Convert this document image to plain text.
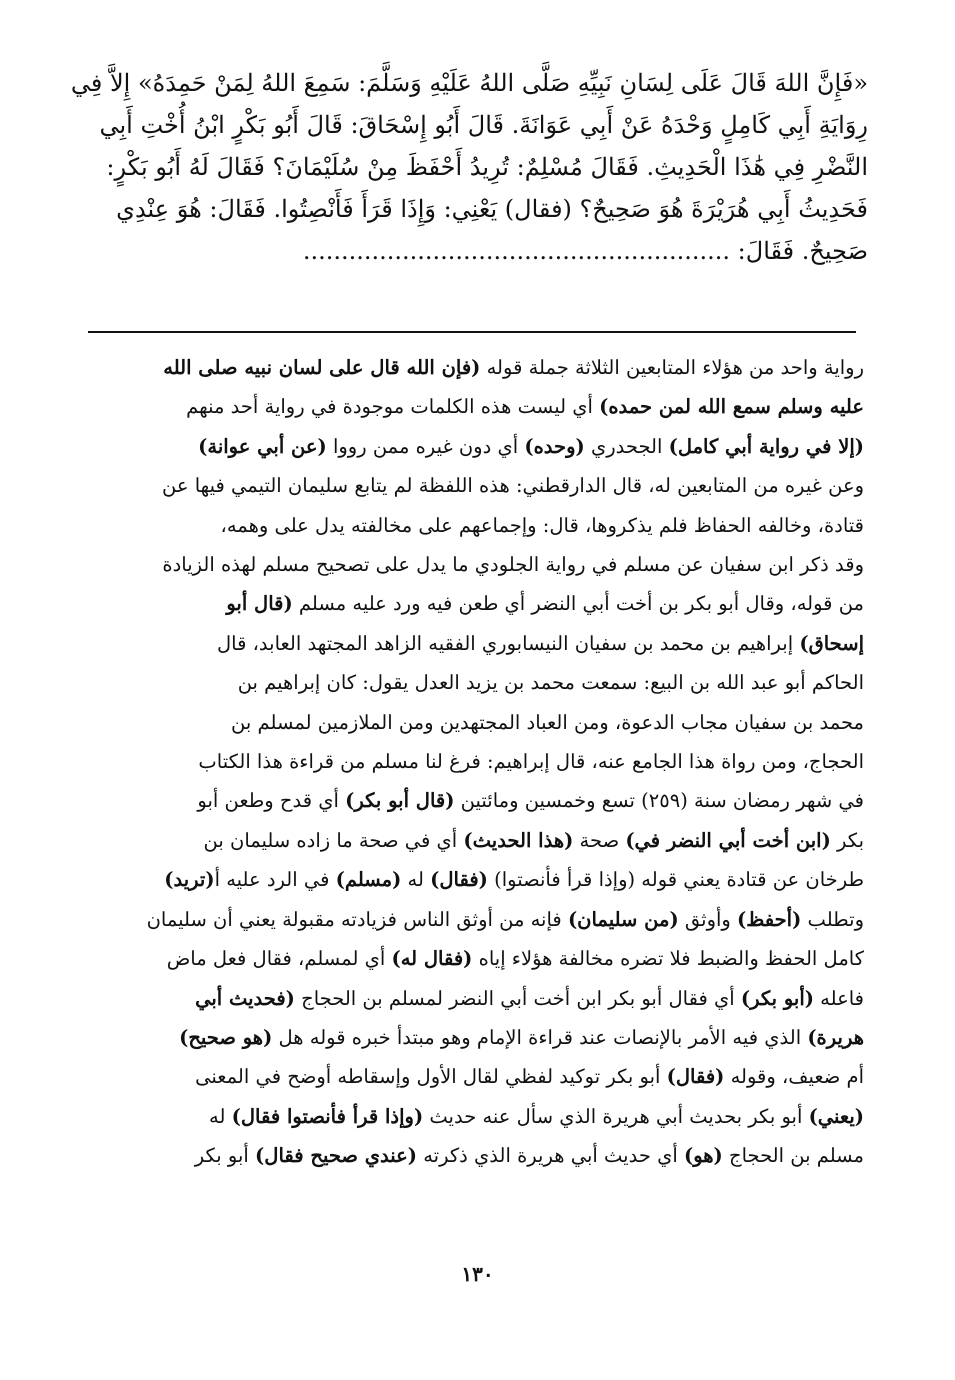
«فَإِنَّ اللهَ قَالَ عَلَى لِسَانِ نَبِيِّهِ صَلَّى اللهُ عَلَيْهِ وَسَلَّمَ: سَمِعَ اللهُ لِمَنْ حَمِدَهُ» إِلاَّ فِي
رِوَايَةِ أَبِي كَامِلٍ وَحْدَهُ عَنْ أَبِي عَوَانَةَ. قَالَ أَبُو إِسْحَاقَ: قَالَ أَبُو بَكْرٍ ابْنُ أُخْتِ أَبِي
النَّضْرِ فِي هَٰذَا الْحَدِيثِ. فَقَالَ مُسْلِمٌ: تُرِيدُ أَحْفَظَ مِنْ سُلَيْمَانَ؟ فَقَالَ لَهُ أَبُو بَكْرٍ:
فَحَدِيثُ أَبِي هُرَيْرَةَ هُوَ صَحِيحٌ؟ (فقال) يَعْنِي: وَإِذَا قَرَأَ فَأَنْصِتُوا. فَقَالَ: هُوَ عِنْدِي
صَحِيحٌ. فَقَالَ: ........................................................
رواية واحد من هؤلاء المتابعين الثلاثة جملة قوله (فإن الله قال على لسان نبيه صلى الله
عليه وسلم سمع الله لمن حمده) أي ليست هذه الكلمات موجودة في رواية أحد منهم
(إلا في رواية أبي كامل) الجحدري (وحده) أي دون غيره ممن رووا (عن أبي عوانة)
وعن غيره من المتابعين له، قال الدارقطني: هذه اللفظة لم يتابع سليمان التيمي فيها عن
قتادة، وخالفه الحفاظ فلم يذكروها، قال: وإجماعهم على مخالفته يدل على وهمه،
وقد ذكر ابن سفيان عن مسلم في رواية الجلودي ما يدل على تصحيح مسلم لهذه الزيادة
من قوله، وقال أبو بكر بن أخت أبي النضر أي طعن فيه ورد عليه مسلم (قال أبو
إسحاق) إبراهيم بن محمد بن سفيان النيسابوري الفقيه الزاهد المجتهد العابد، قال
الحاكم أبو عبد الله بن البيع: سمعت محمد بن يزيد العدل يقول: كان إبراهيم بن
محمد بن سفيان مجاب الدعوة، ومن العباد المجتهدين ومن الملازمين لمسلم بن
الحجاج، ومن رواة هذا الجامع عنه، قال إبراهيم: فرغ لنا مسلم من قراءة هذا الكتاب
في شهر رمضان سنة (٢٥٩) تسع وخمسين ومائتين (قال أبو بكر) أي قدح وطعن أبو
بكر (ابن أخت أبي النضر في) صحة (هذا الحديث) أي في صحة ما زاده سليمان بن
طرخان عن قتادة يعني قوله (وإذا قرأ فأنصتوا) (فقال) له (مسلم) في الرد عليه أ(تريد)
وتطلب (أحفظ) وأوثق (من سليمان) فإنه من أوثق الناس فزيادته مقبولة يعني أن سليمان
كامل الحفظ والضبط فلا تضره مخالفة هؤلاء إياه (فقال له) أي لمسلم، فقال فعل ماض
فاعله (أبو بكر) أي فقال أبو بكر ابن أخت أبي النضر لمسلم بن الحجاج (فحديث أبي
هريرة) الذي فيه الأمر بالإنصات عند قراءة الإمام وهو مبتدأ خبره قوله هل (هو صحيح)
أم ضعيف، وقوله (فقال) أبو بكر توكيد لفظي لقال الأول وإسقاطه أوضح في المعنى
(يعني) أبو بكر بحديث أبي هريرة الذي سأل عنه حديث (وإذا قرأ فأنصتوا فقال) له
مسلم بن الحجاج (هو) أي حديث أبي هريرة الذي ذكرته (عندي صحيح فقال) أبو بكر
١٣٠
